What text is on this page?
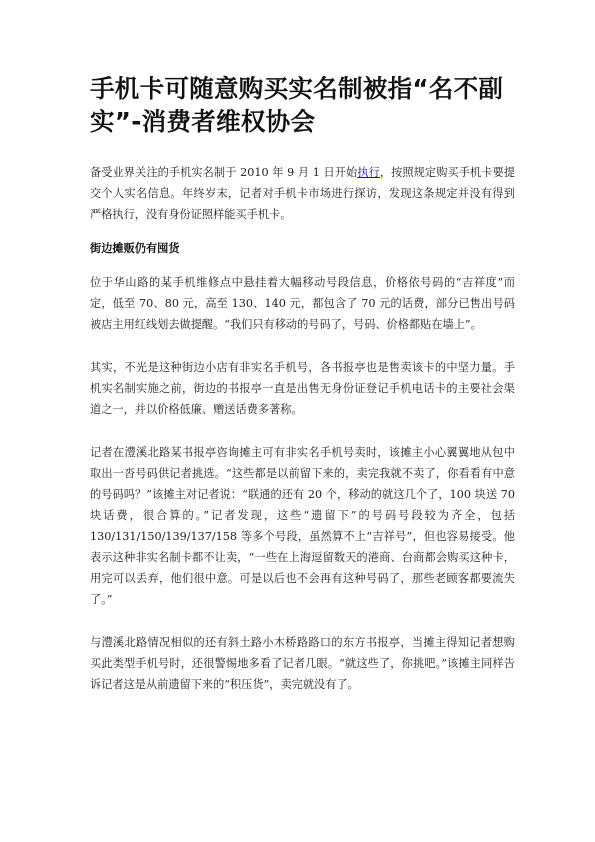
手机卡可随意购买实名制被指“名不副实”-消费者维权协会

备受业界关注的手机实名制于 2010 年 9 月 1 日开始执行，按照规定购买手机卡要提交个人实名信息。年终岁末，记者对手机卡市场进行探访，发现这条规定并没有得到严格执行，没有身份证照样能买手机卡。

街边摊贩仍有囤货

位于华山路的某手机维修点中悬挂着大幅移动号段信息，价格依号码的“吉祥度”而定，低至 70、80 元，高至 130、140 元，都包含了 70 元的话费，部分已售出号码被店主用红线划去做提醒。“我们只有移动的号码了，号码、价格都贴在墙上”。

其实，不光是这种街边小店有非实名手机号，各书报亭也是售卖该卡的中坚力量。手机实名制实施之前，街边的书报亭一直是出售无身份证登记手机电话卡的主要社会渠道之一，并以价格低廉、赠送话费多著称。

记者在澧溪北路某书报亭咨询摊主可有非实名手机号卖时，该摊主小心翼翼地从包中取出一沓号码供记者挑选。“这些都是以前留下来的，卖完我就不卖了，你看看有中意的号码吗？”该摊主对记者说：“联通的还有 20 个，移动的就这几个了，100 块送 70 块话费，很合算的。”记者发现，这些“遗留下”的号码号段较为齐全，包括 130/131/150/139/137/158 等多个号段，虽然算不上“吉祥号”，但也容易接受。他表示这种非实名制卡都不让卖，“一些在上海逗留数天的港商、台商都会购买这种卡，用完可以丢弃，他们很中意。可是以后也不会再有这种号码了，那些老顾客都要流失了。”

与澧溪北路情况相似的还有斜土路小木桥路路口的东方书报亭，当摊主得知记者想购买此类型手机号时，还很警惕地多看了记者几眼。“就这些了，你挑吧。”该摊主同样告诉记者这是从前遗留下来的“积压货”，卖完就没有了。
